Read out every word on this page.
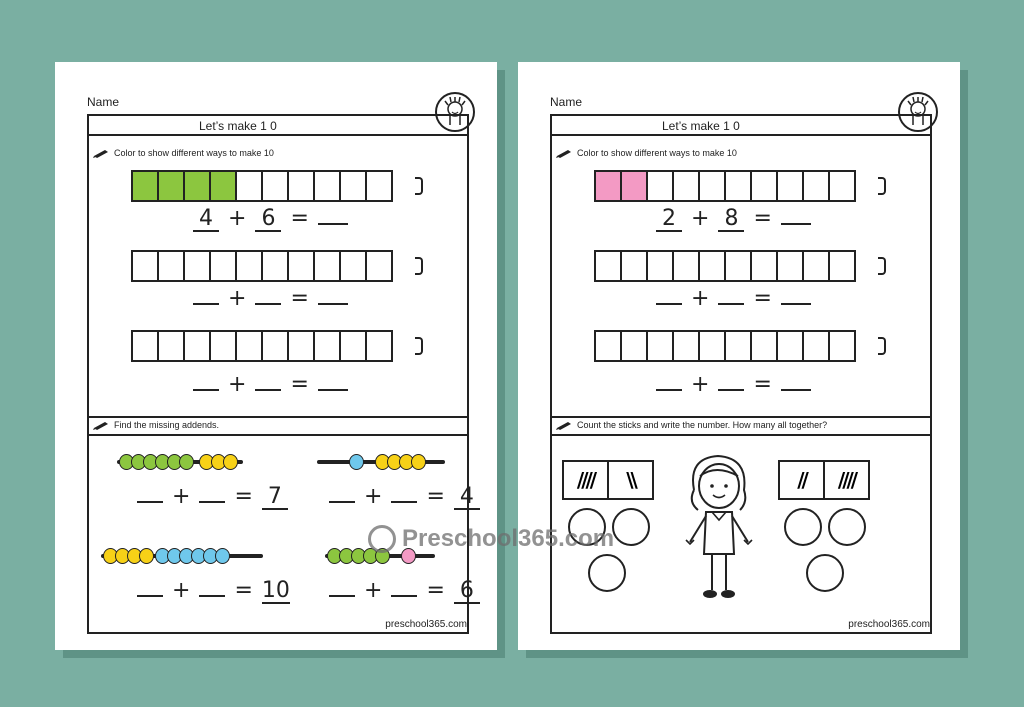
Name
Let’s make 1 0
Color to show different ways to make 10
4 + 6 =
+ =
+ =
Find the missing addends.
+ = 7	+ = 4
+ = 10	+ = 6
preschool365.com
Name
Let’s make 1 0
Color to show different ways to make 10
2 + 8 =
+ =
+ =
Count the sticks and write the number. How many all together?
////	\\	//	////
preschool365.com
Preschool365.com
